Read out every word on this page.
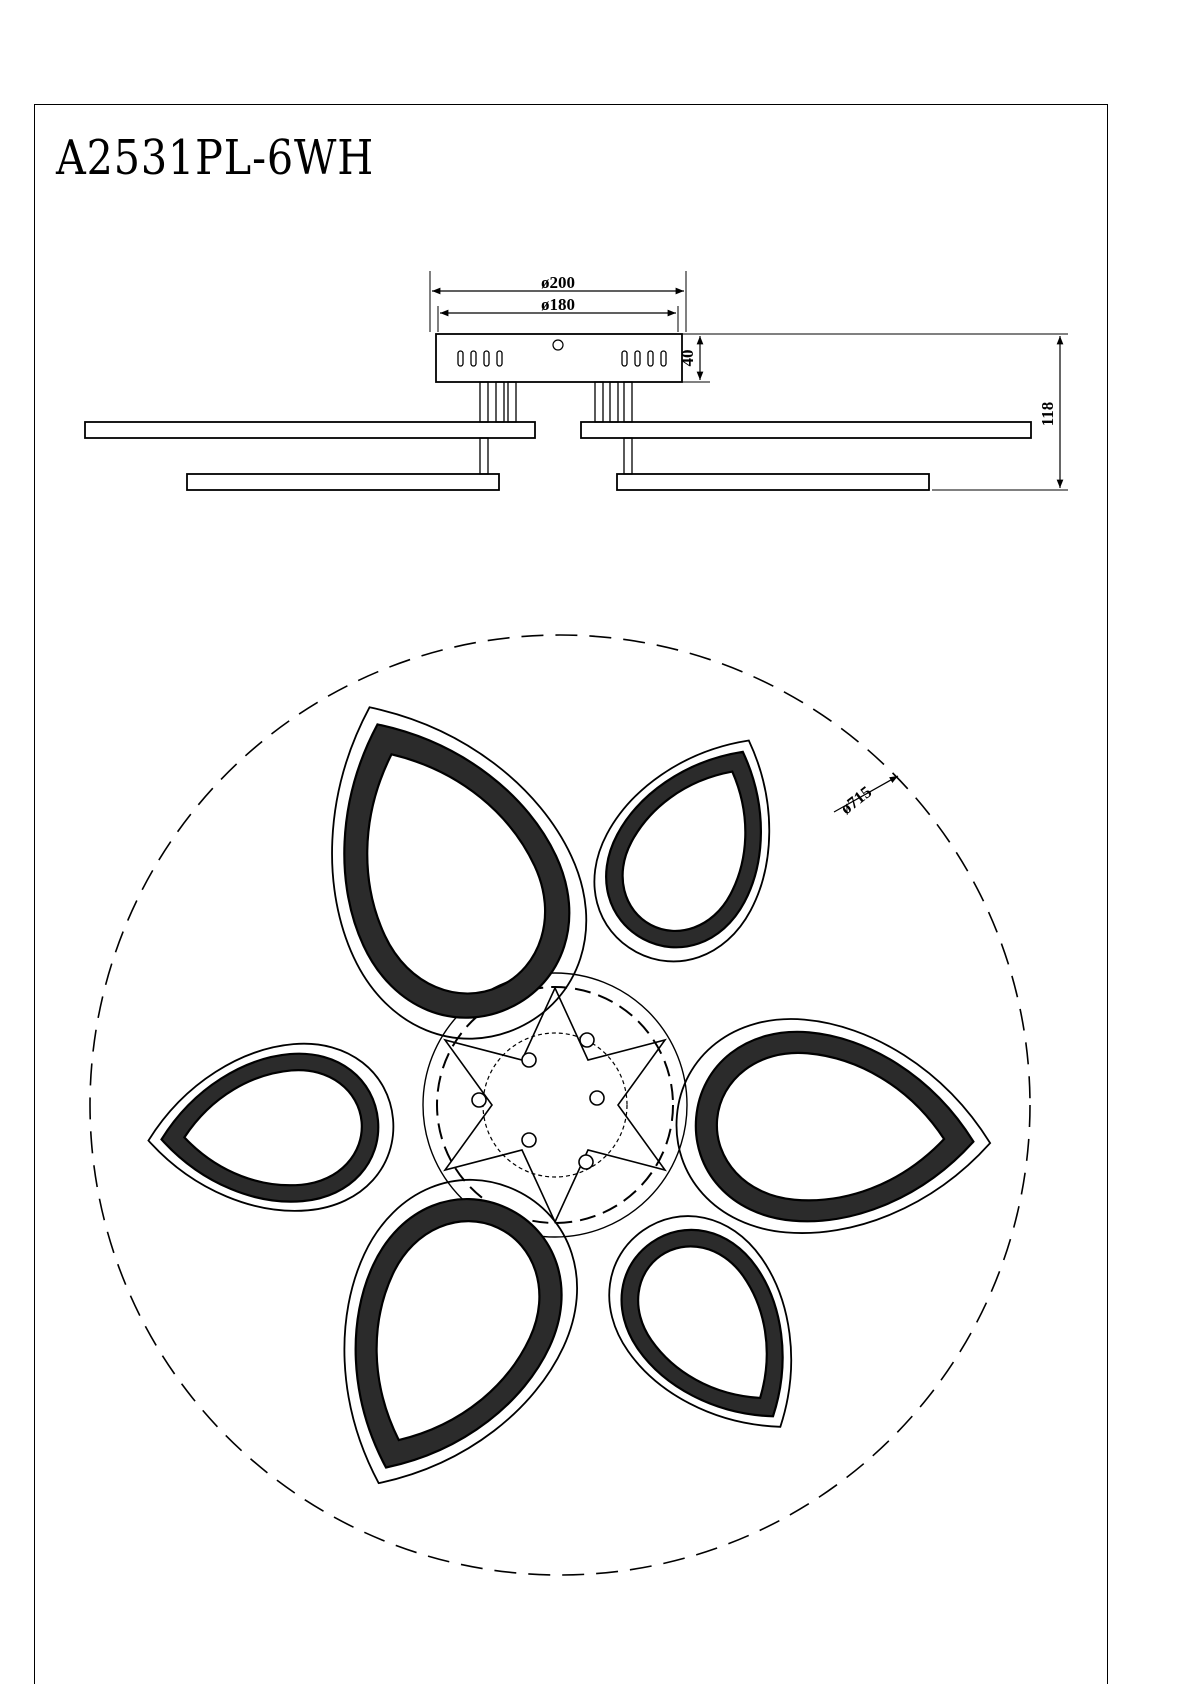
A2531PL-6WH
ø200
ø180
40
118
ø715
